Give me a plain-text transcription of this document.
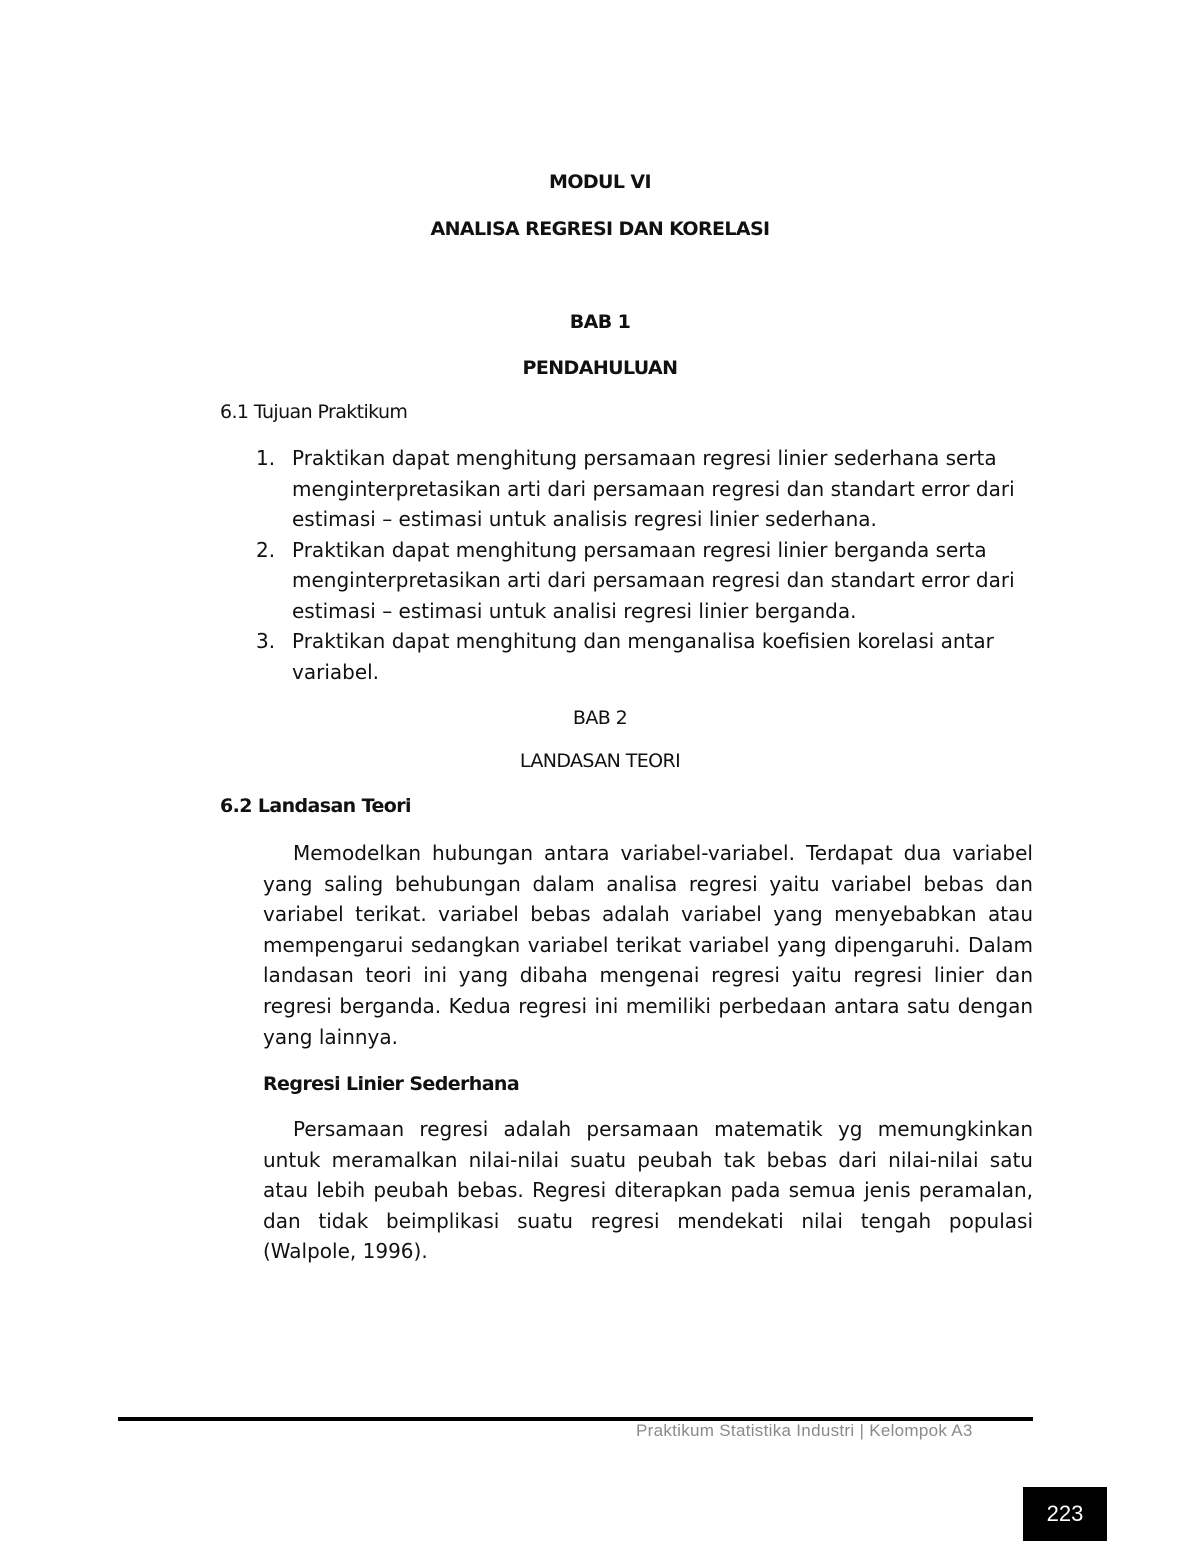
MODUL VI
ANALISA REGRESI DAN KORELASI
BAB 1
PENDAHULUAN
6.1 Tujuan Praktikum
1. Praktikan dapat menghitung persamaan regresi linier sederhana serta menginterpretasikan arti dari persamaan regresi dan standart error dari estimasi – estimasi untuk analisis regresi linier sederhana.
2. Praktikan dapat menghitung persamaan regresi linier berganda serta menginterpretasikan arti dari persamaan regresi dan standart error dari estimasi – estimasi untuk analisi regresi linier berganda.
3. Praktikan dapat menghitung dan menganalisa koefisien korelasi antar variabel.
BAB 2
LANDASAN TEORI
6.2 Landasan Teori
Memodelkan hubungan antara variabel-variabel. Terdapat dua variabel yang saling behubungan dalam analisa regresi yaitu variabel bebas dan variabel terikat. variabel bebas adalah variabel yang menyebabkan atau mempengarui sedangkan variabel terikat variabel yang dipengaruhi. Dalam landasan teori ini yang dibaha mengenai regresi yaitu regresi linier dan regresi berganda. Kedua regresi ini memiliki perbedaan antara satu dengan yang lainnya.
Regresi Linier Sederhana
Persamaan regresi adalah persamaan matematik yg memungkinkan untuk meramalkan nilai-nilai suatu peubah tak bebas dari nilai-nilai satu atau lebih peubah bebas. Regresi diterapkan pada semua jenis peramalan, dan tidak beimplikasi suatu regresi mendekati nilai tengah populasi (Walpole, 1996).
Praktikum Statistika Industri | Kelompok A3
223
